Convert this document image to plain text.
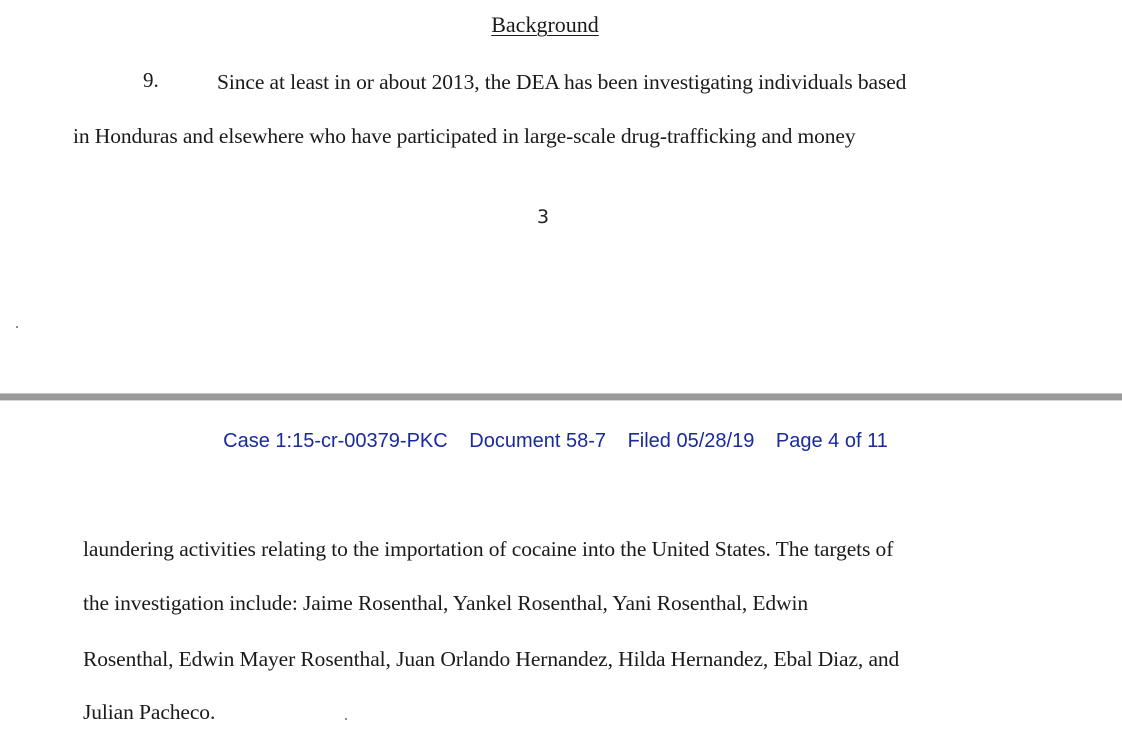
Background
9.	Since at least in or about 2013, the DEA has been investigating individuals based
in Honduras and elsewhere who have participated in large-scale drug-trafficking and money
3
Case 1:15-cr-00379-PKC Document 58-7 Filed 05/28/19 Page 4 of 11
laundering activities relating to the importation of cocaine into the United States. The targets of
the investigation include: Jaime Rosenthal, Yankel Rosenthal, Yani Rosenthal, Edwin
Rosenthal, Edwin Mayer Rosenthal, Juan Orlando Hernandez, Hilda Hernandez, Ebal Diaz, and
Julian Pacheco.
